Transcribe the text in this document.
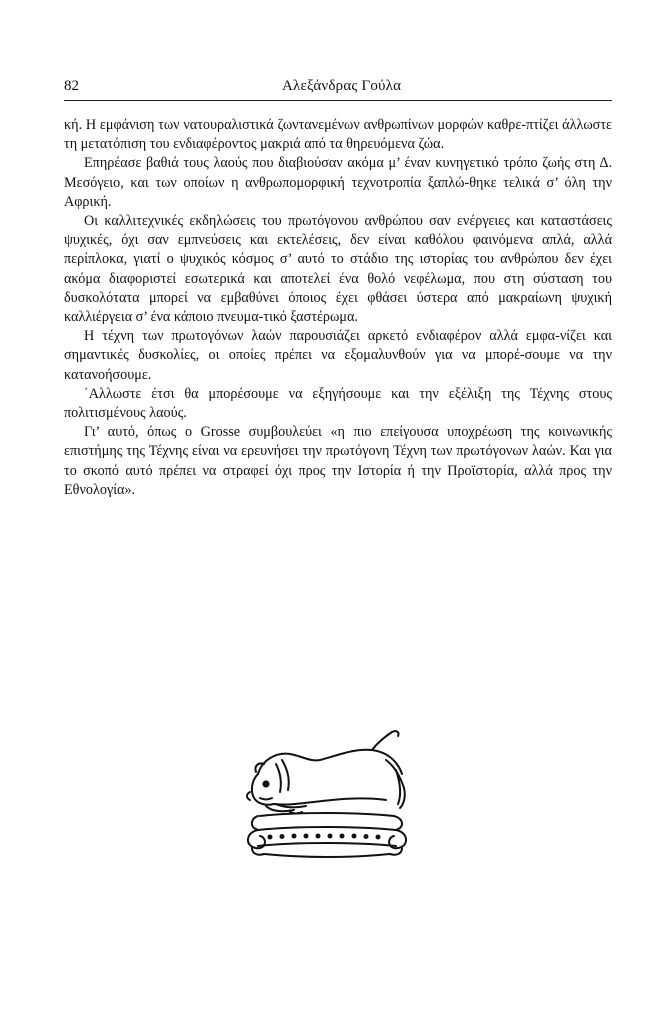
82	Αλεξάνδρας Γούλα

κή. Η εμφάνιση των νατουραλιστικά ζωντανεμένων ανθρωπίνων μορφών καθρε-πτίζει άλλωστε τη μετατόπιση του ενδιαφέροντος μακριά από τα θηρευόμενα ζώα.

Επηρέασε βαθιά τους λαούς που διαβιούσαν ακόμα μ’ έναν κυνηγετικό τρόπο ζωής στη Δ. Μεσόγειο, και των οποίων η ανθρωπομορφική τεχνοτροπία ξαπλώ-θηκε τελικά σ’ όλη την Αφρική.

Οι καλλιτεχνικές εκδηλώσεις του πρωτόγονου ανθρώπου σαν ενέργειες και καταστάσεις ψυχικές, όχι σαν εμπνεύσεις και εκτελέσεις, δεν είναι καθόλου φαινόμενα απλά, αλλά περίπλοκα, γιατί ο ψυχικός κόσμος σ’ αυτό το στάδιο της ιστορίας του ανθρώπου δεν έχει ακόμα διαφοριστεί εσωτερικά και αποτελεί ένα θολό νεφέλωμα, που στη σύσταση του δυσκολότατα μπορεί να εμβαθύνει όποιος έχει φθάσει ύστερα από μακραίωνη ψυχική καλλιέργεια σ’ ένα κάποιο πνευμα-τικό ξαστέρωμα.

Η τέχνη των πρωτογόνων λαών παρουσιάζει αρκετό ενδιαφέρον αλλά εμφα-νίζει και σημαντικές δυσκολίες, οι οποίες πρέπει να εξομαλυνθούν για να μπορέ-σουμε να την κατανοήσουμε.

΄Αλλωστε έτσι θα μπορέσουμε να εξηγήσουμε και την εξέλιξη της Τέχνης στους πολιτισμένους λαούς.

Γι’ αυτό, όπως ο Grosse συμβουλεύει «η πιο επείγουσα υποχρέωση της κοινωνικής επιστήμης της Τέχνης είναι να ερευνήσει την πρωτόγονη Τέχνη των πρωτόγονων λαών. Και για το σκοπό αυτό πρέπει να στραφεί όχι προς την Ιστορία ή την Προϊστορία, αλλά προς την Εθνολογία».
